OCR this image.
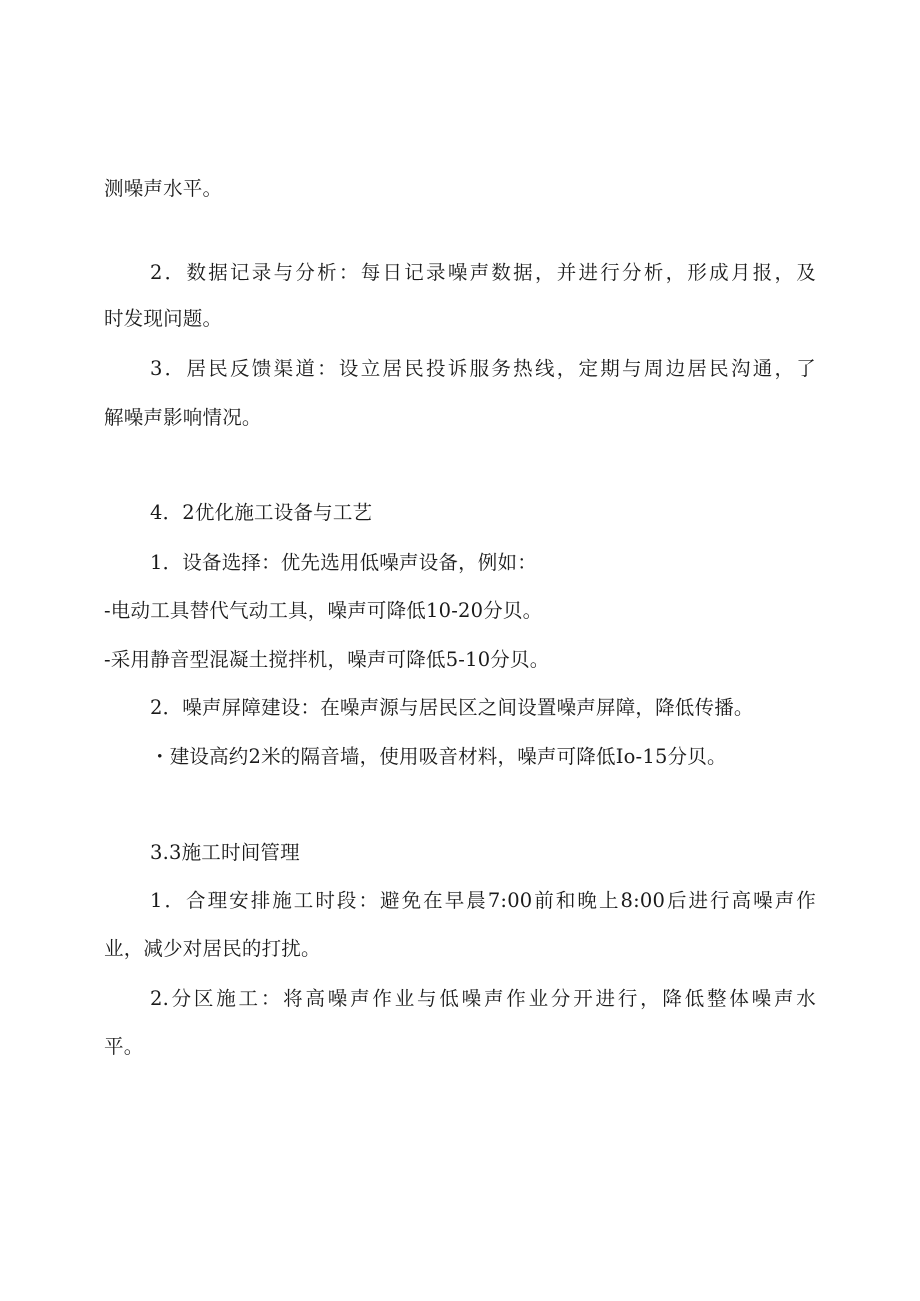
测噪声水平。
2．数据记录与分析：每日记录噪声数据，并进行分析，形成月报，及
时发现问题。
3．居民反馈渠道：设立居民投诉服务热线，定期与周边居民沟通，了
解噪声影响情况。
4．2优化施工设备与工艺
1．设备选择：优先选用低噪声设备，例如：
-电动工具替代气动工具，噪声可降低10-20分贝。
-采用静音型混凝土搅拌机，噪声可降低5-10分贝。
2．噪声屏障建设：在噪声源与居民区之间设置噪声屏障，降低传播。
・建设高约2米的隔音墙，使用吸音材料，噪声可降低Io-15分贝。
3.3施工时间管理
1．合理安排施工时段：避免在早晨7:00前和晚上8:00后进行高噪声作
业，减少对居民的打扰。
2.分区施工：将高噪声作业与低噪声作业分开进行，降低整体噪声水
平。
